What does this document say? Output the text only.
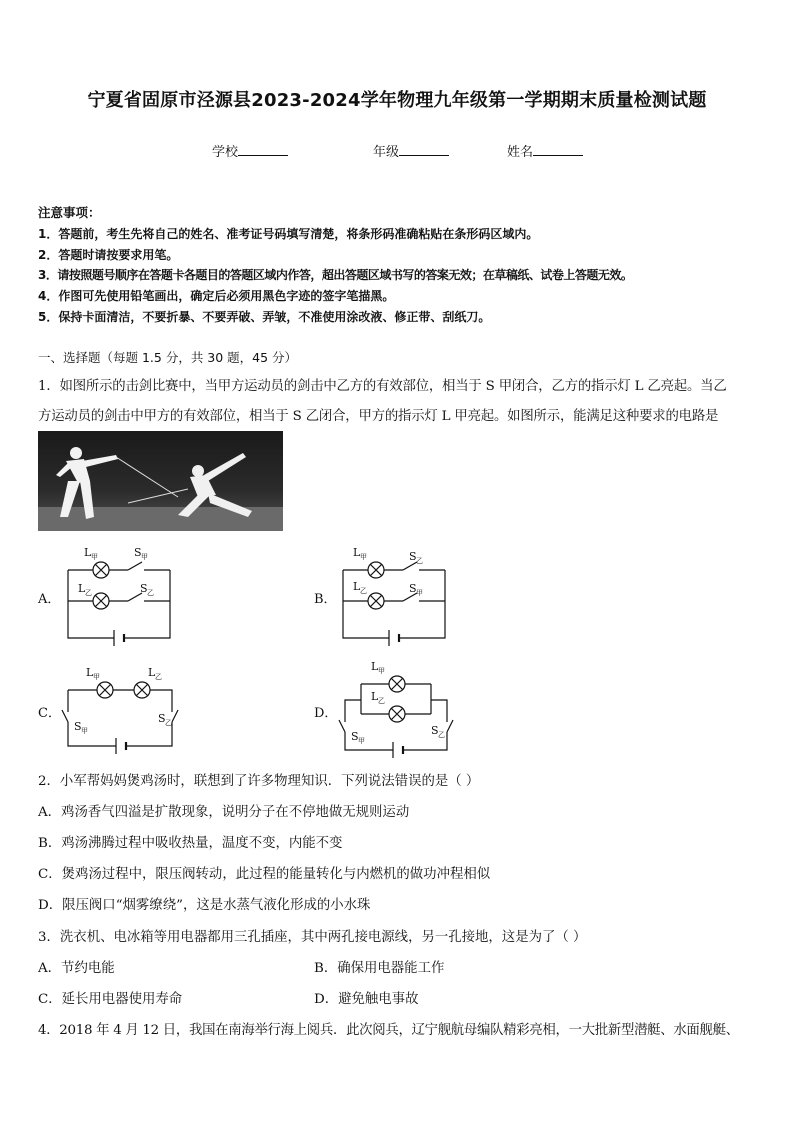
宁夏省固原市泾源县2023-2024学年物理九年级第一学期期末质量检测试题
学校	年级	姓名
注意事项：
1．答题前，考生先将自己的姓名、准考证号码填写清楚，将条形码准确粘贴在条形码区域内。
2．答题时请按要求用笔。
3．请按照题号顺序在答题卡各题目的答题区域内作答，超出答题区域书写的答案无效；在草稿纸、试卷上答题无效。
4．作图可先使用铅笔画出，确定后必须用黑色字迹的签字笔描黑。
5．保持卡面清洁，不要折暴、不要弄破、弄皱，不准使用涂改液、修正带、刮纸刀。
一、选择题（每题 1.5 分，共 30 题，45 分）
1．如图所示的击剑比赛中，当甲方运动员的剑击中乙方的有效部位，相当于 S 甲闭合，乙方的指示灯 L 乙亮起。当乙
方运动员的剑击中甲方的有效部位，相当于 S 乙闭合，甲方的指示灯 L 甲亮起。如图所示，能满足这种要求的电路是
A．	B．
C．	D．
L 甲	S 甲
L 乙	S 乙
L 甲	S 乙
L 乙	S 甲
L 甲	L 乙
S 甲
S 乙
L 甲
L 乙
S 甲
S 乙
2．小军帮妈妈煲鸡汤时，联想到了许多物理知识．下列说法错误的是（ ）
A．鸡汤香气四溢是扩散现象，说明分子在不停地做无规则运动
B．鸡汤沸腾过程中吸收热量，温度不变，内能不变
C．煲鸡汤过程中，限压阀转动，此过程的能量转化与内燃机的做功冲程相似
D．限压阀口“烟雾缭绕”，这是水蒸气液化形成的小水珠
3．洗衣机、电冰箱等用电器都用三孔插座，其中两孔接电源线，另一孔接地，这是为了（ ）
A．节约电能	B．确保用电器能工作
C．延长用电器使用寿命	D．避免触电事故
4．2018 年 4 月 12 日，我国在南海举行海上阅兵．此次阅兵，辽宁舰航母编队精彩亮相，一大批新型潜艇、水面舰艇、
